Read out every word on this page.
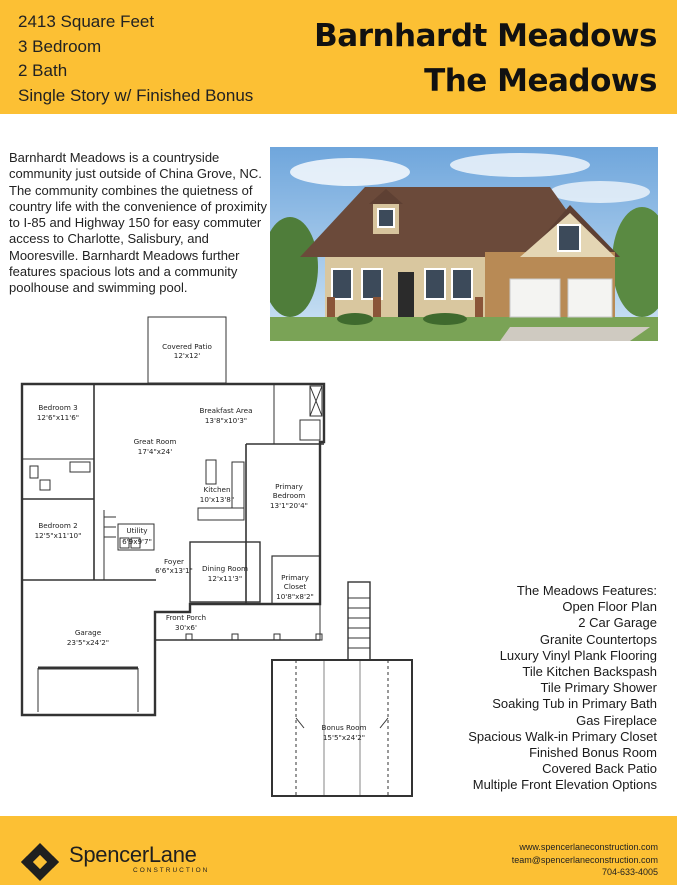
2413 Square Feet
3 Bedroom
2 Bath
Single Story w/ Finished Bonus
Barnhardt Meadows
The Meadows
Barnhardt Meadows is a countryside community just outside of China Grove, NC. The community combines the quietness of country life with the convenience of proximity to I-85 and Highway 150 for easy commuter access to Charlotte, Salisbury, and Mooresville. Barnhardt Meadows further features spacious lots and a community poolhouse and swimming pool.
Covered Patio
12'x12'
Bedroom 3
12'6"x11'6"
Breakfast Area
13'8"x10'3"
Great Room
17'4"x24'
Kitchen
10'x13'8"
Primary
Bedroom
13'1"20'4"
Bedroom 2
12'5"x11'10"
Utility
6'9x9'7"
Foyer
6'6"x13'1" Dining Room
12'x11'3"	Primary
Closet
10'8"x8'2"
Front Porch
30'x6'
Garage
23'5"x24'2"
Bonus Room
15'5"x24'2"
The Meadows Features:
Open Floor Plan
2 Car Garage
Granite Countertops
Luxury Vinyl Plank Flooring
Tile Kitchen Backspash
Tile Primary Shower
Soaking Tub in Primary Bath
Gas Fireplace
Spacious Walk-in Primary Closet
Finished Bonus Room
Covered Back Patio
Multiple Front Elevation Options
SpencerLane
CONSTRUCTION
www.spencerlaneconstruction.com
team@spencerlaneconstruction.com
704-633-4005
